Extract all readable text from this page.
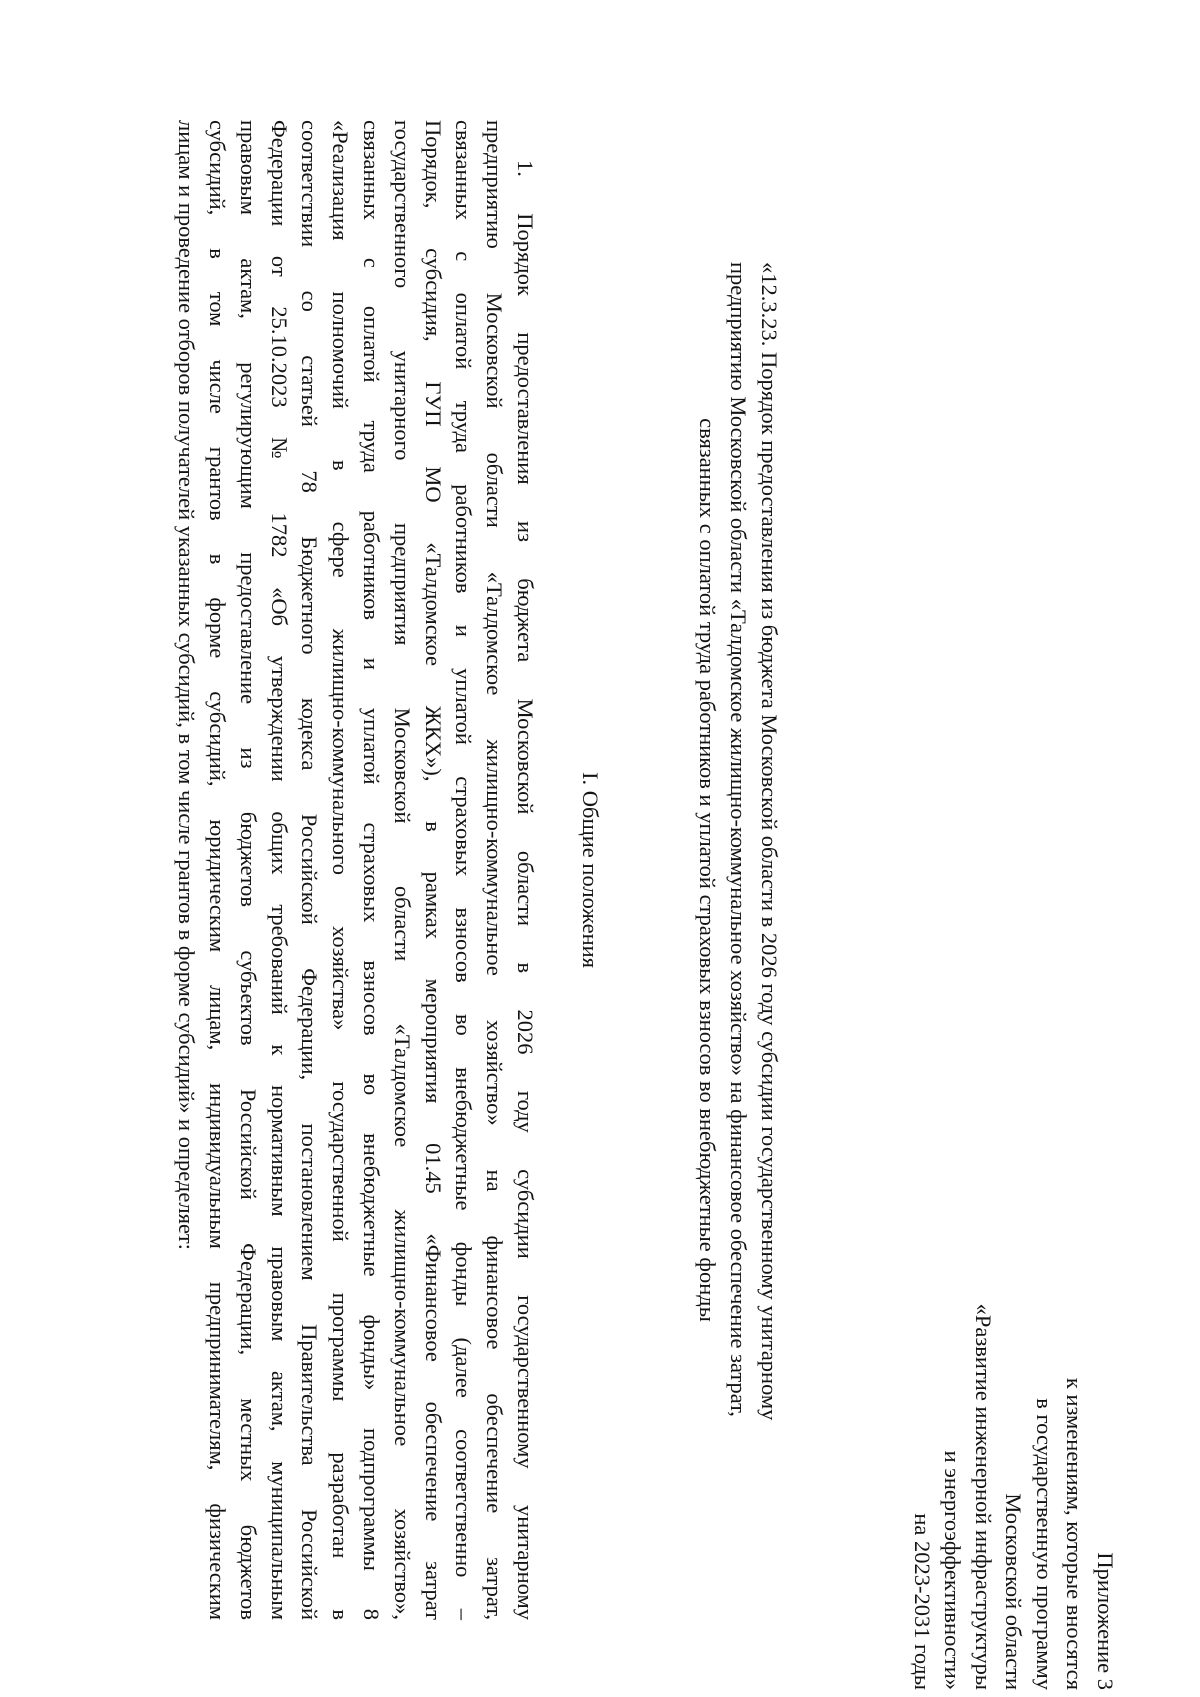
Приложение 3
к изменениям, которые вносятся
в государственную программу
Московской области
«Развитие инженерной инфраструктуры
и энергоэффективности»
на 2023-2031 годы
«12.3.23. Порядок предоставления из бюджета Московской области в 2026 году субсидии государственному унитарному
предприятию Московской области «Талдомское жилищно-коммунальное хозяйство» на финансовое обеспечение затрат,
связанных с оплатой труда работников и уплатой страховых взносов во внебюджетные фонды
I. Общие положения
1. Порядок предоставления из бюджета Московской области в 2026 году субсидии государственному унитарному
предприятию Московской области «Талдомское жилищно-коммунальное хозяйство» на финансовое обеспечение затрат,
связанных с оплатой труда работников и уплатой страховых взносов во внебюджетные фонды (далее соответственно –
Порядок, субсидия, ГУП МО «Талдомское ЖКХ»), в рамках мероприятия 01.45 «Финансовое обеспечение затрат
государственного унитарного предприятия Московской области «Талдомское жилищно-коммунальное хозяйство»,
связанных с оплатой труда работников и уплатой страховых взносов во внебюджетные фонды» подпрограммы 8
«Реализация полномочий в сфере жилищно-коммунального хозяйства» государственной программы разработан в
соответствии со статьей 78 Бюджетного кодекса Российской Федерации, постановлением Правительства Российской
Федерации от 25.10.2023 № 1782 «Об утверждении общих требований к нормативным правовым актам, муниципальным
правовым актам, регулирующим предоставление из бюджетов субъектов Российской Федерации, местных бюджетов
субсидий, в том числе грантов в форме субсидий, юридическим лицам, индивидуальным предпринимателям, физическим
лицам и проведение отборов получателей указанных субсидий, в том числе грантов в форме субсидий» и определяет:
